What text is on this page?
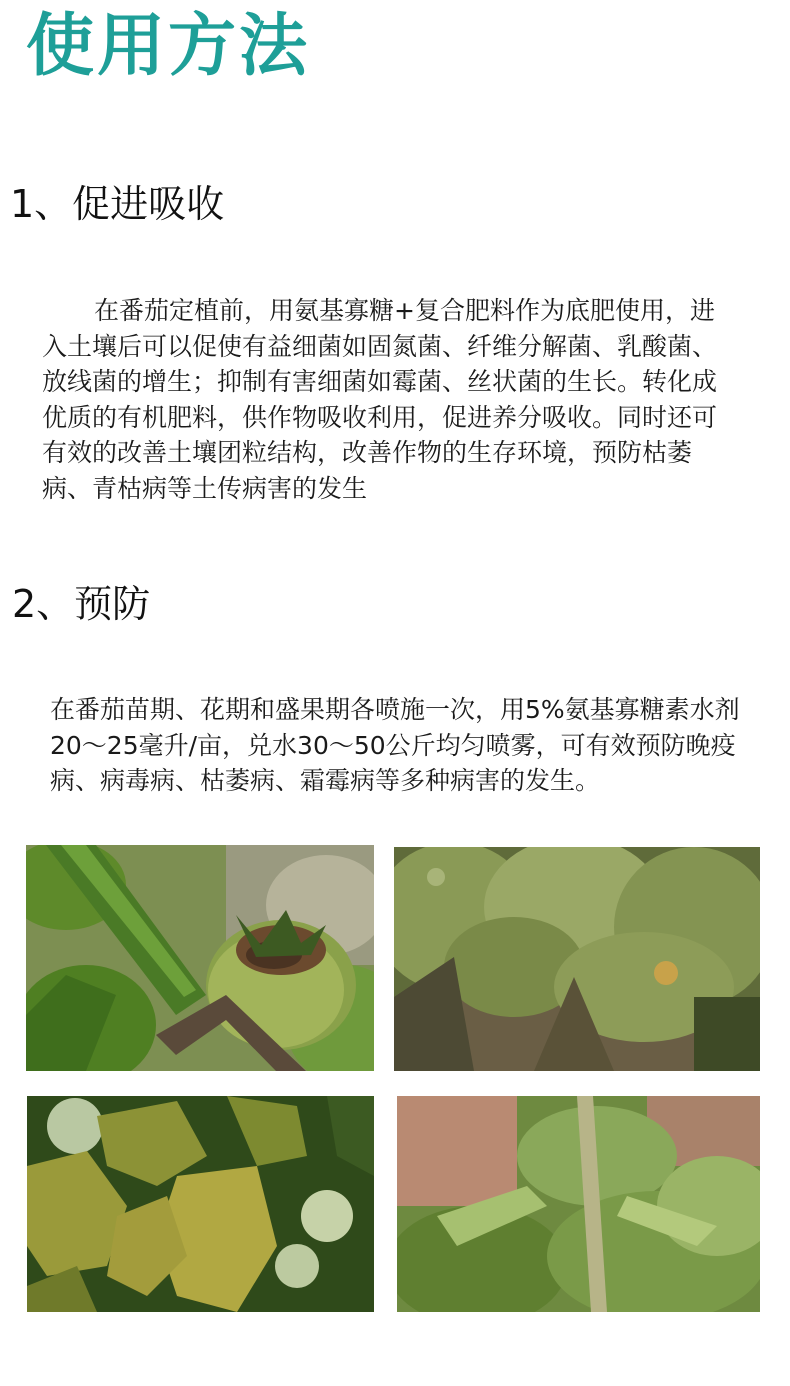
使用方法
1、促进吸收

在番茄定植前，用氨基寡糖+复合肥料作为底肥使用，进入土壤后可以促使有益细菌如固氮菌、纤维分解菌、乳酸菌、放线菌的增生；抑制有害细菌如霉菌、丝状菌的生长。转化成优质的有机肥料，供作物吸收利用，促进养分吸收。同时还可有效的改善土壤团粒结构，改善作物的生存环境，预防枯萎病、青枯病等土传病害的发生

2、预防

在番茄苗期、花期和盛果期各喷施一次，用5%氨基寡糖素水剂20～25毫升/亩，兑水30～50公斤均匀喷雾，可有效预防晚疫病、病毒病、枯萎病、霜霉病等多种病害的发生。
